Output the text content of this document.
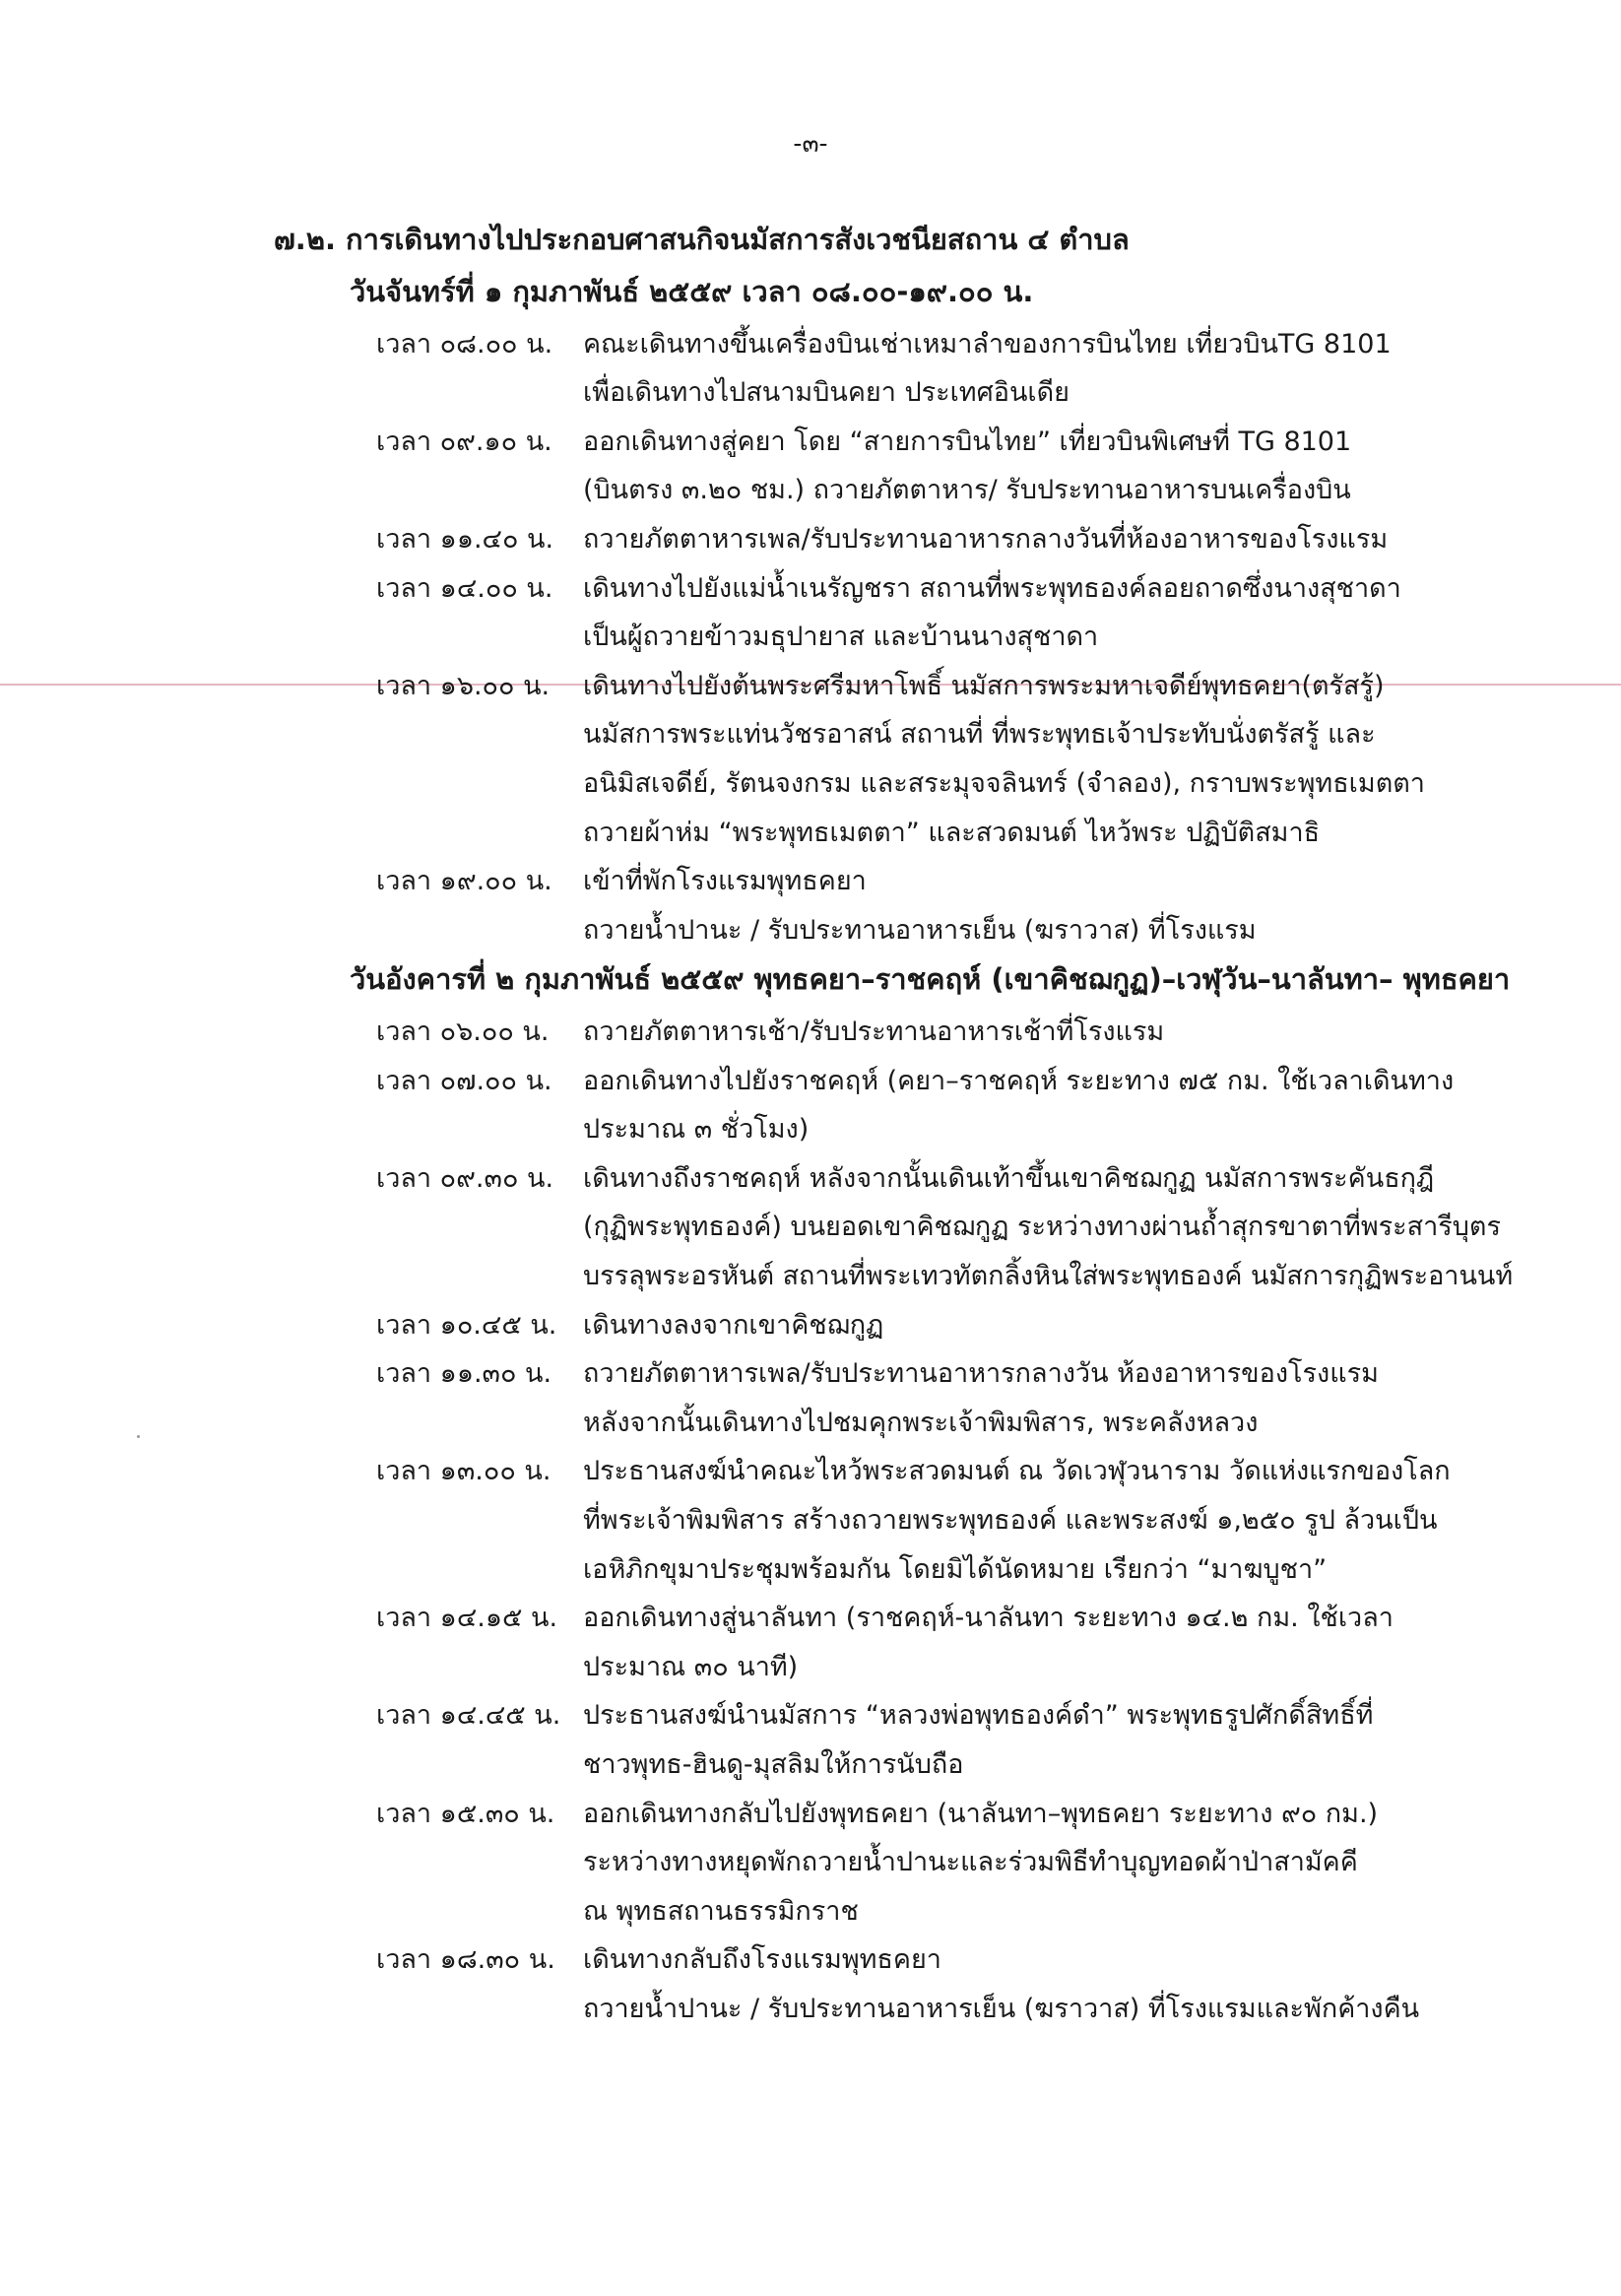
-๓-
๗.๒. การเดินทางไปประกอบศาสนกิจนมัสการสังเวชนียสถาน ๔ ตำบล
วันจันทร์ที่ ๑ กุมภาพันธ์ ๒๕๕๙ เวลา ๐๘.๐๐-๑๙.๐๐ น.
เวลา ๐๘.๐๐ น. คณะเดินทางขึ้นเครื่องบินเช่าเหมาลำของการบินไทย เที่ยวบินTG 8101
เพื่อเดินทางไปสนามบินคยา ประเทศอินเดีย
เวลา ๐๙.๑๐ น. ออกเดินทางสู่คยา โดย “สายการบินไทย” เที่ยวบินพิเศษที่ TG 8101
(บินตรง ๓.๒๐ ชม.) ถวายภัตตาหาร/ รับประทานอาหารบนเครื่องบิน
เวลา ๑๑.๔๐ น. ถวายภัตตาหารเพล/รับประทานอาหารกลางวันที่ห้องอาหารของโรงแรม
เวลา ๑๔.๐๐ น. เดินทางไปยังแม่น้ำเนรัญชรา สถานที่พระพุทธองค์ลอยถาดซึ่งนางสุชาดา
เป็นผู้ถวายข้าวมธุปายาส และบ้านนางสุชาดา
เวลา ๑๖.๐๐ น. เดินทางไปยังต้นพระศรีมหาโพธิ์ นมัสการพระมหาเจดีย์พุทธคยา(ตรัสรู้)
นมัสการพระแท่นวัชรอาสน์ สถานที่ ที่พระพุทธเจ้าประทับนั่งตรัสรู้ และ
อนิมิสเจดีย์, รัตนจงกรม และสระมุจจลินทร์ (จำลอง), กราบพระพุทธเมตตา
ถวายผ้าห่ม “พระพุทธเมตตา” และสวดมนต์ ไหว้พระ ปฏิบัติสมาธิ
เวลา ๑๙.๐๐ น. เข้าที่พักโรงแรมพุทธคยา
ถวายน้ำปานะ / รับประทานอาหารเย็น (ฆราวาส) ที่โรงแรม
วันอังคารที่ ๒ กุมภาพันธ์ ๒๕๕๙ พุทธคยา–ราชคฤห์ (เขาคิชฌกูฏ)–เวฬุวัน–นาลันทา– พุทธคยา
เวลา ๐๖.๐๐ น. ถวายภัตตาหารเช้า/รับประทานอาหารเช้าที่โรงแรม
เวลา ๐๗.๐๐ น. ออกเดินทางไปยังราชคฤห์ (คยา–ราชคฤห์ ระยะทาง ๗๕ กม. ใช้เวลาเดินทาง
ประมาณ ๓ ชั่วโมง)
เวลา ๐๙.๓๐ น. เดินทางถึงราชคฤห์ หลังจากนั้นเดินเท้าขึ้นเขาคิชฌกูฏ นมัสการพระคันธกุฎี
(กุฏิพระพุทธองค์) บนยอดเขาคิชฌกูฏ ระหว่างทางผ่านถ้ำสุกรขาตาที่พระสารีบุตร
บรรลุพระอรหันต์ สถานที่พระเทวทัตกลิ้งหินใส่พระพุทธองค์ นมัสการกุฏิพระอานนท์
เวลา ๑๐.๔๕ น. เดินทางลงจากเขาคิชฌกูฏ
เวลา ๑๑.๓๐ น. ถวายภัตตาหารเพล/รับประทานอาหารกลางวัน ห้องอาหารของโรงแรม
หลังจากนั้นเดินทางไปชมคุกพระเจ้าพิมพิสาร, พระคลังหลวง
เวลา ๑๓.๐๐ น. ประธานสงฆ์นำคณะไหว้พระสวดมนต์ ณ วัดเวฬุวนาราม วัดแห่งแรกของโลก
ที่พระเจ้าพิมพิสาร สร้างถวายพระพุทธองค์ และพระสงฆ์ ๑,๒๕๐ รูป ล้วนเป็น
เอหิภิกขุมาประชุมพร้อมกัน โดยมิได้นัดหมาย เรียกว่า “มาฆบูชา”
เวลา ๑๔.๑๕ น. ออกเดินทางสู่นาลันทา (ราชคฤห์-นาลันทา ระยะทาง ๑๔.๒ กม. ใช้เวลา
ประมาณ ๓๐ นาที)
เวลา ๑๔.๔๕ น. ประธานสงฆ์นำนมัสการ “หลวงพ่อพุทธองค์ดำ” พระพุทธรูปศักดิ์สิทธิ์ที่
ชาวพุทธ-ฮินดู-มุสลิมให้การนับถือ
เวลา ๑๕.๓๐ น. ออกเดินทางกลับไปยังพุทธคยา (นาลันทา–พุทธคยา ระยะทาง ๙๐ กม.)
ระหว่างทางหยุดพักถวายน้ำปานะและร่วมพิธีทำบุญทอดผ้าป่าสามัคคี
ณ พุทธสถานธรรมิกราช
เวลา ๑๘.๓๐ น. เดินทางกลับถึงโรงแรมพุทธคยา
ถวายน้ำปานะ / รับประทานอาหารเย็น (ฆราวาส) ที่โรงแรมและพักค้างคืน
